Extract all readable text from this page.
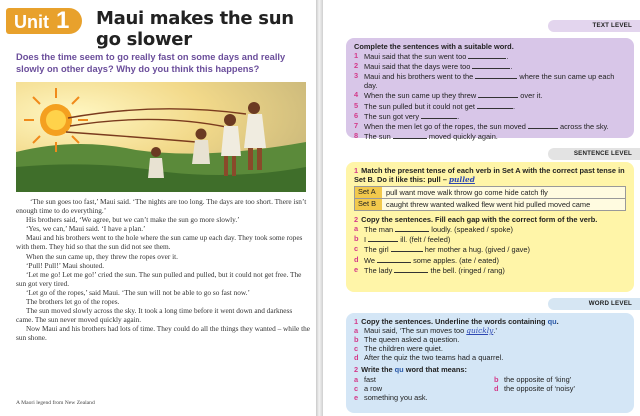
Unit 1	Maui makes the sun go slower

Does the time seem to go really fast on some days and really slowly on other days? Why do you think this happens?

‘The sun goes too fast,’ Maui said. ‘The nights are too long. The days are too short. There isn’t enough time to do everything.’

His brothers said, ‘We agree, but we can’t make the sun go more slowly.’

‘Yes, we can,’ Maui said. ‘I have a plan.’

Maui and his brothers went to the hole where the sun came up each day. They took some ropes with them. They hid so that the sun did not see them.

When the sun came up, they threw the ropes over it.

‘Pull! Pull!’ Maui shouted.

‘Let me go! Let me go!’ cried the sun. The sun pulled and pulled, but it could not get free. The sun got very tired.

‘Let go of the ropes,’ said Maui. ‘The sun will not be able to go so fast now.’

The brothers let go of the ropes.

The sun moved slowly across the sky. It took a long time before it went down and darkness came. The sun never moved quickly again.

Now Maui and his brothers had lots of time. They could do all the things they wanted – while the sun shone.

A Maori legend from New Zealand
TEXT LEVEL

Complete the sentences with a suitable word.

1 Maui said that the sun went too	.

2 Maui said that the days were too	.

3 Maui and his brothers went to the	where the sun came up each day.

4 When the sun came up they threw	over it.

5 The sun pulled but it could not get	.

6 The sun got very	.

7 When the men let go of the ropes, the sun moved	across the sky.

8 The sun	moved quickly again.

SENTENCE LEVEL

1 Match the present tense of each verb in Set A with the correct past tense in Set B. Do it like this: pull – pulled

Set A	pull want move walk throw go come hide catch fly
Set B	caught threw wanted walked flew went hid pulled moved came

2 Copy the sentences. Fill each gap with the correct form of the verb.

a The man	loudly. (speaked / spoke)

b I	ill. (felt / feeled)

c The girl	her mother a hug. (gived / gave)

d We	some apples. (ate / eated)

e The lady	the bell. (ringed / rang)

WORD LEVEL

1 Copy the sentences. Underline the words containing qu.

a Maui said, ‘The sun moves too quickly.’

b The queen asked a question.

c The children were quiet.

d After the quiz the two teams had a quarrel.

2 Write the qu word that means:

a fast	b the opposite of ‘king’

c a row	d the opposite of ‘noisy’

e something you ask.
